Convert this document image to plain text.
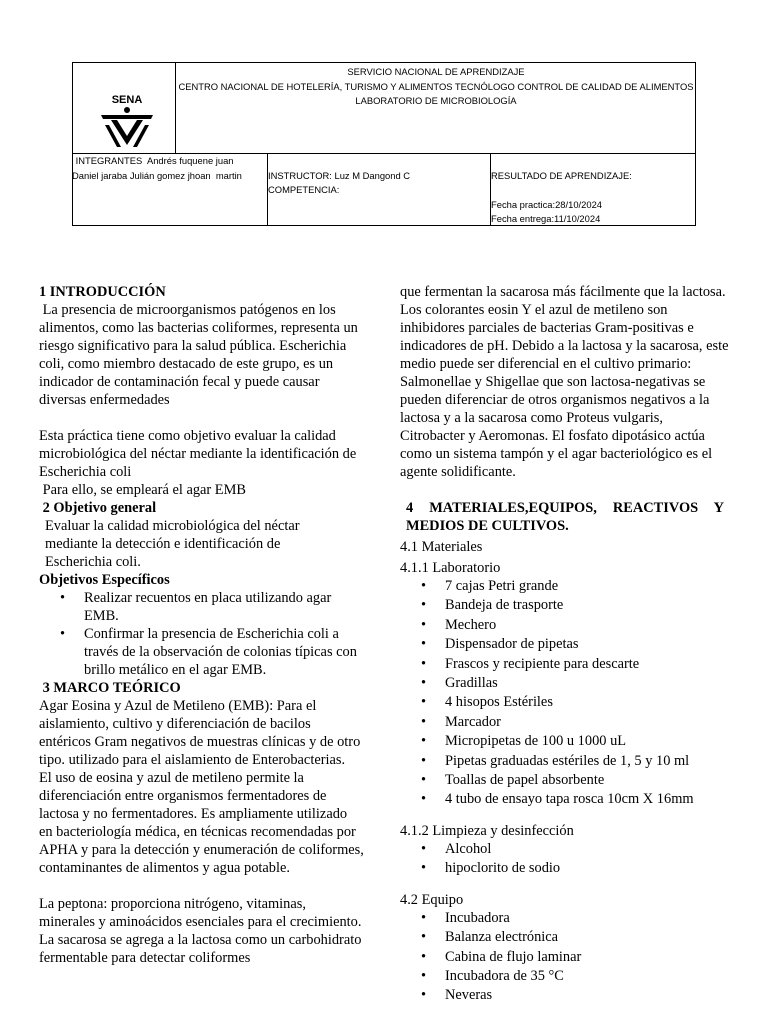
SENA
SERVICIO NACIONAL DE APRENDIZAJE
CENTRO NACIONAL DE HOTELERÍA, TURISMO Y ALIMENTOS TECNÓLOGO CONTROL DE CALIDAD DE ALIMENTOS
LABORATORIO DE MICROBIOLOGÍA
INTEGRANTES  Andrés fuquene juan
Daniel jaraba Julián gomez jhoan  martin	INSTRUCTOR: Luz M Dangond C
COMPETENCIA:
RESULTADO DE APRENDIZAJE:
Fecha practica:28/10/2024
Fecha entrega:11/10/2024

1 INTRODUCCIÓN

La presencia de microorganismos patógenos en los alimentos, como las bacterias coliformes, representa un riesgo significativo para la salud pública. Escherichia coli, como miembro destacado de este grupo, es un indicador de contaminación fecal y puede causar diversas enfermedades

Esta práctica tiene como objetivo evaluar la calidad microbiológica del néctar mediante la identificación de Escherichia coli

Para ello, se empleará el agar EMB

2 Objetivo general

Evaluar la calidad microbiológica del néctar mediante la detección e identificación de Escherichia coli.

Objetivos Específicos

• Realizar recuentos en placa utilizando agar EMB.
• Confirmar la presencia de Escherichia coli a través de la observación de colonias típicas con brillo metálico en el agar EMB.

3 MARCO TEÓRICO

Agar Eosina y Azul de Metileno (EMB): Para el aislamiento, cultivo y diferenciación de bacilos entéricos Gram negativos de muestras clínicas y de otro tipo. utilizado para el aislamiento de Enterobacterias.

El uso de eosina y azul de metileno permite la diferenciación entre organismos fermentadores de lactosa y no fermentadores. Es ampliamente utilizado en bacteriología médica, en técnicas recomendadas por APHA y para la detección y enumeración de coliformes, contaminantes de alimentos y agua potable.

La peptona: proporciona nitrógeno, vitaminas, minerales y aminoácidos esenciales para el crecimiento. La sacarosa se agrega a la lactosa como un carbohidrato fermentable para detectar coliformes

que fermentan la sacarosa más fácilmente que la lactosa. Los colorantes eosin Y el azul de metileno son inhibidores parciales de bacterias Gram-positivas e indicadores de pH. Debido a la lactosa y la sacarosa, este medio puede ser diferencial en el cultivo primario: Salmonellae y Shigellae que son lactosa-negativas se pueden diferenciar de otros organismos negativos a la lactosa y a la sacarosa como Proteus vulgaris, Citrobacter y Aeromonas. El fosfato dipotásico actúa como un sistema tampón y el agar bacteriológico es el agente solidificante.

4 MATERIALES,EQUIPOS, REACTIVOS Y MEDIOS DE CULTIVOS.

4.1 Materiales

4.1.1 Laboratorio

• 7 cajas Petri grande
• Bandeja de trasporte
• Mechero
• Dispensador de pipetas
• Frascos y recipiente para descarte
• Gradillas
• 4 hisopos Estériles
• Marcador
• Micropipetas de 100 u 1000 uL
• Pipetas graduadas estériles de 1, 5 y 10 ml
• Toallas de papel absorbente
• 4 tubo de ensayo tapa rosca 10cm X 16mm

4.1.2 Limpieza y desinfección

• Alcohol
• hipoclorito de sodio

4.2 Equipo

• Incubadora
• Balanza electrónica
• Cabina de flujo laminar
• Incubadora de 35 °C
• Neveras
